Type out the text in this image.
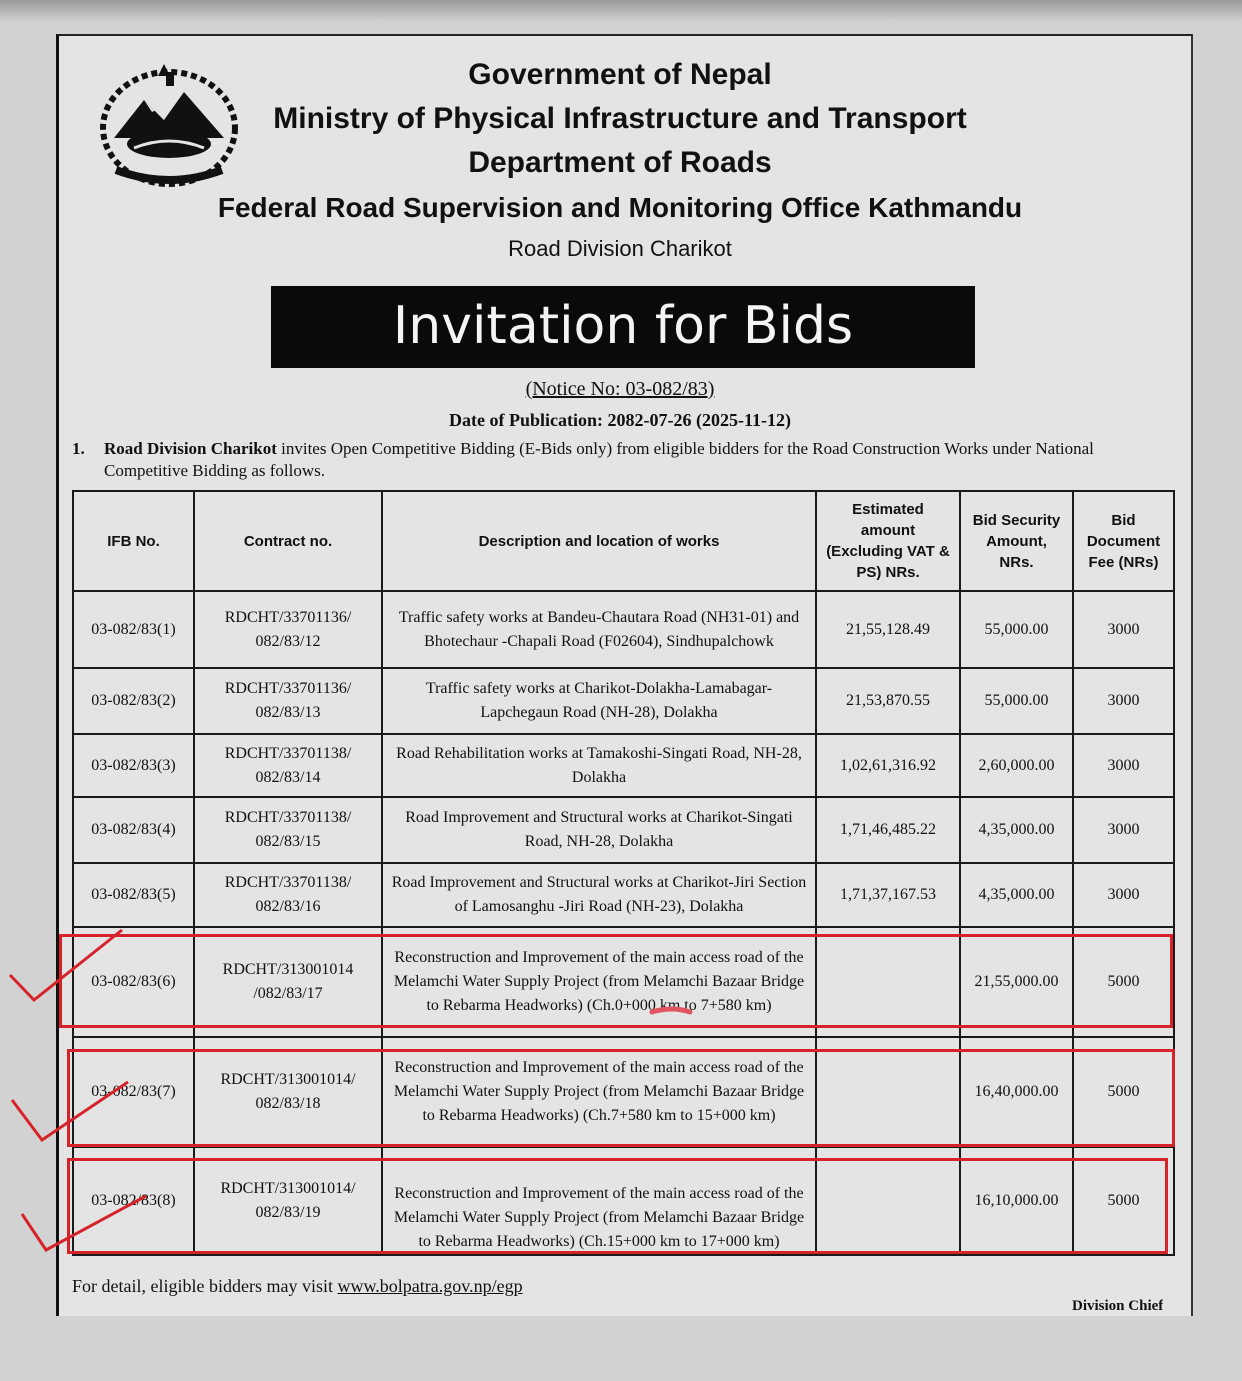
Government of Nepal
Ministry of Physical Infrastructure and Transport
Department of Roads
Federal Road Supervision and Monitoring Office Kathmandu
Road Division Charikot
Invitation for Bids
(Notice No: 03-082/83)
Date of Publication: 2082-07-26 (2025-11-12)
1. Road Division Charikot invites Open Competitive Bidding (E-Bids only) from eligible bidders for the Road Construction Works under National Competitive Bidding as follows.
IFB No.	Contract no.	Description and location of works	Estimated amount (Excluding VAT & PS) NRs.	Bid Security Amount, NRs.	Bid Document Fee (NRs)
03-082/83(1)	RDCHT/33701136/ 082/83/12	Traffic safety works at Bandeu-Chautara Road (NH31-01) and Bhotechaur -Chapali Road (F02604), Sindhupalchowk	21,55,128.49	55,000.00	3000
03-082/83(2)	RDCHT/33701136/ 082/83/13	Traffic safety works at Charikot-Dolakha-Lamabagar-Lapchegaun Road (NH-28), Dolakha	21,53,870.55	55,000.00	3000
03-082/83(3)	RDCHT/33701138/ 082/83/14	Road Rehabilitation works at Tamakoshi-Singati Road, NH-28, Dolakha	1,02,61,316.92	2,60,000.00	3000
03-082/83(4)	RDCHT/33701138/ 082/83/15	Road Improvement and Structural works at Charikot-Singati Road, NH-28, Dolakha	1,71,46,485.22	4,35,000.00	3000
03-082/83(5)	RDCHT/33701138/ 082/83/16	Road Improvement and Structural works at Charikot-Jiri Section of Lamosanghu -Jiri Road (NH-23), Dolakha	1,71,37,167.53	4,35,000.00	3000
03-082/83(6)	RDCHT/313001014 /082/83/17	Reconstruction and Improvement of the main access road of the Melamchi Water Supply Project (from Melamchi Bazaar Bridge to Rebarma Headworks) (Ch.0+000 km to 7+580 km)		21,55,000.00	5000
03-082/83(7)	RDCHT/313001014/ 082/83/18	Reconstruction and Improvement of the main access road of the Melamchi Water Supply Project (from Melamchi Bazaar Bridge to Rebarma Headworks) (Ch.7+580 km to 15+000 km)		16,40,000.00	5000
03-082/83(8)	RDCHT/313001014/ 082/83/19	Reconstruction and Improvement of the main access road of the Melamchi Water Supply Project (from Melamchi Bazaar Bridge to Rebarma Headworks) (Ch.15+000 km to 17+000 km)		16,10,000.00	5000
For detail, eligible bidders may visit www.bolpatra.gov.np/egp
Division Chief
